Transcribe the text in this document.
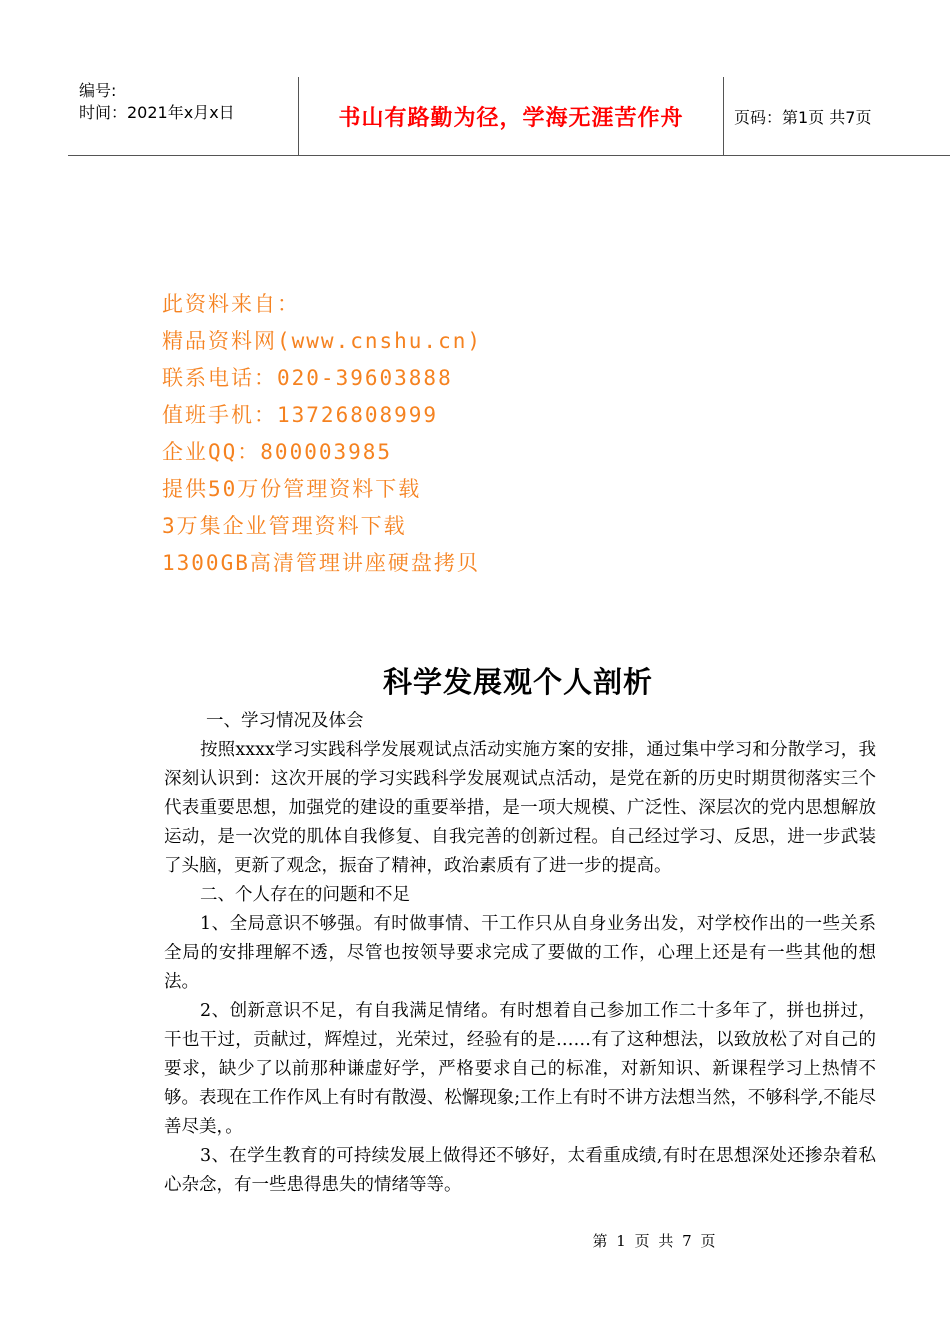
编号:
时间：2021年x月x日	书山有路勤为径，学海无涯苦作舟	页码：第1页 共7页
此资料来自：
精品资料网(www.cnshu.cn)
联系电话：020-39603888
值班手机：13726808999
企业QQ：800003985
提供50万份管理资料下载
3万集企业管理资料下载
1300GB高清管理讲座硬盘拷贝
科学发展观个人剖析

一、学习情况及体会

按照xxxx学习实践科学发展观试点活动实施方案的安排，通过集中学习和分散学习，我深刻认识到：这次开展的学习实践科学发展观试点活动，是党在新的历史时期贯彻落实三个代表重要思想，加强党的建设的重要举措，是一项大规模、广泛性、深层次的党内思想解放运动，是一次党的肌体自我修复、自我完善的创新过程。自己经过学习、反思，进一步武装了头脑，更新了观念，振奋了精神，政治素质有了进一步的提高。

二、个人存在的问题和不足

1、全局意识不够强。有时做事情、干工作只从自身业务出发，对学校作出的一些关系全局的安排理解不透，尽管也按领导要求完成了要做的工作，心理上还是有一些其他的想法。

2、创新意识不足，有自我满足情绪。有时想着自己参加工作二十多年了，拼也拼过，干也干过，贡献过，辉煌过，光荣过，经验有的是……有了这种想法，以致放松了对自己的要求，缺少了以前那种谦虚好学，严格要求自己的标准，对新知识、新课程学习上热情不够。表现在工作作风上有时有散漫、松懈现象;工作上有时不讲方法想当然，不够科学,不能尽善尽美，。

3、在学生教育的可持续发展上做得还不够好，太看重成绩,有时在思想深处还掺杂着私心杂念，有一些患得患失的情绪等等。

第 1 页 共 7 页
